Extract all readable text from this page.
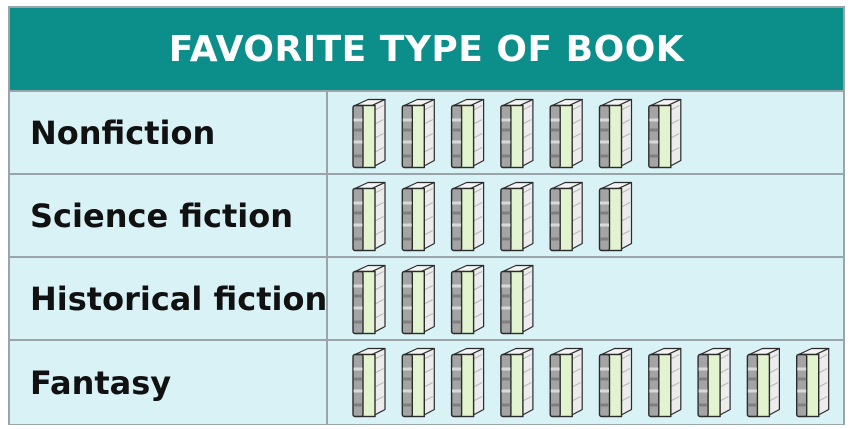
FAVORITE TYPE OF BOOK
Nonfiction
Science fiction
Historical fiction
Fantasy
